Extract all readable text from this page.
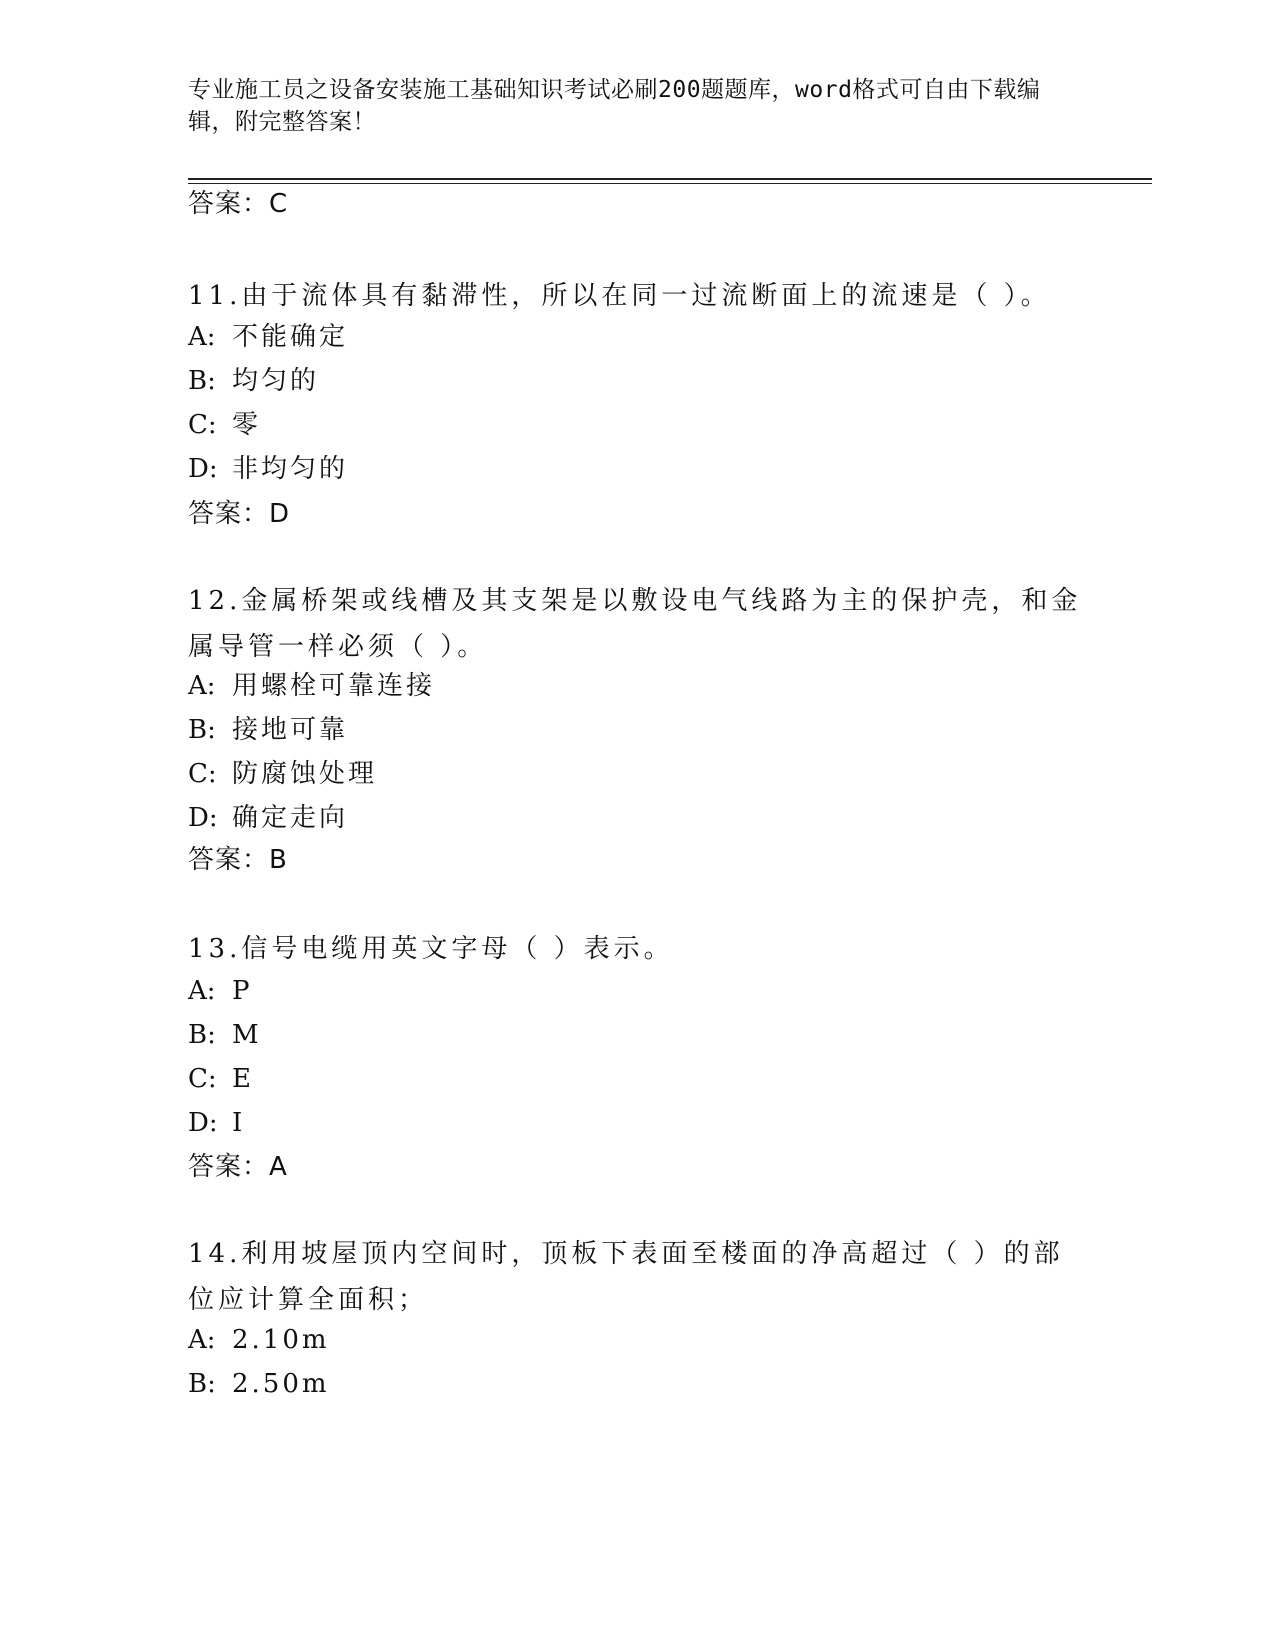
专业施工员之设备安装施工基础知识考试必刷200题题库，word格式可自由下载编辑，附完整答案！
答案：C
11.由于流体具有黏滞性，所以在同一过流断面上的流速是（ ）。
A: 不能确定
B: 均匀的
C: 零
D: 非均匀的
答案：D
12.金属桥架或线槽及其支架是以敷设电气线路为主的保护壳，和金属导管一样必须（ ）。
A: 用螺栓可靠连接
B: 接地可靠
C: 防腐蚀处理
D: 确定走向
答案：B
13.信号电缆用英文字母（ ）表示。
A: P
B: M
C: E
D: I
答案：A
14.利用坡屋顶内空间时，顶板下表面至楼面的净高超过（ ）的部位应计算全面积；
A: 2.10m
B: 2.50m
